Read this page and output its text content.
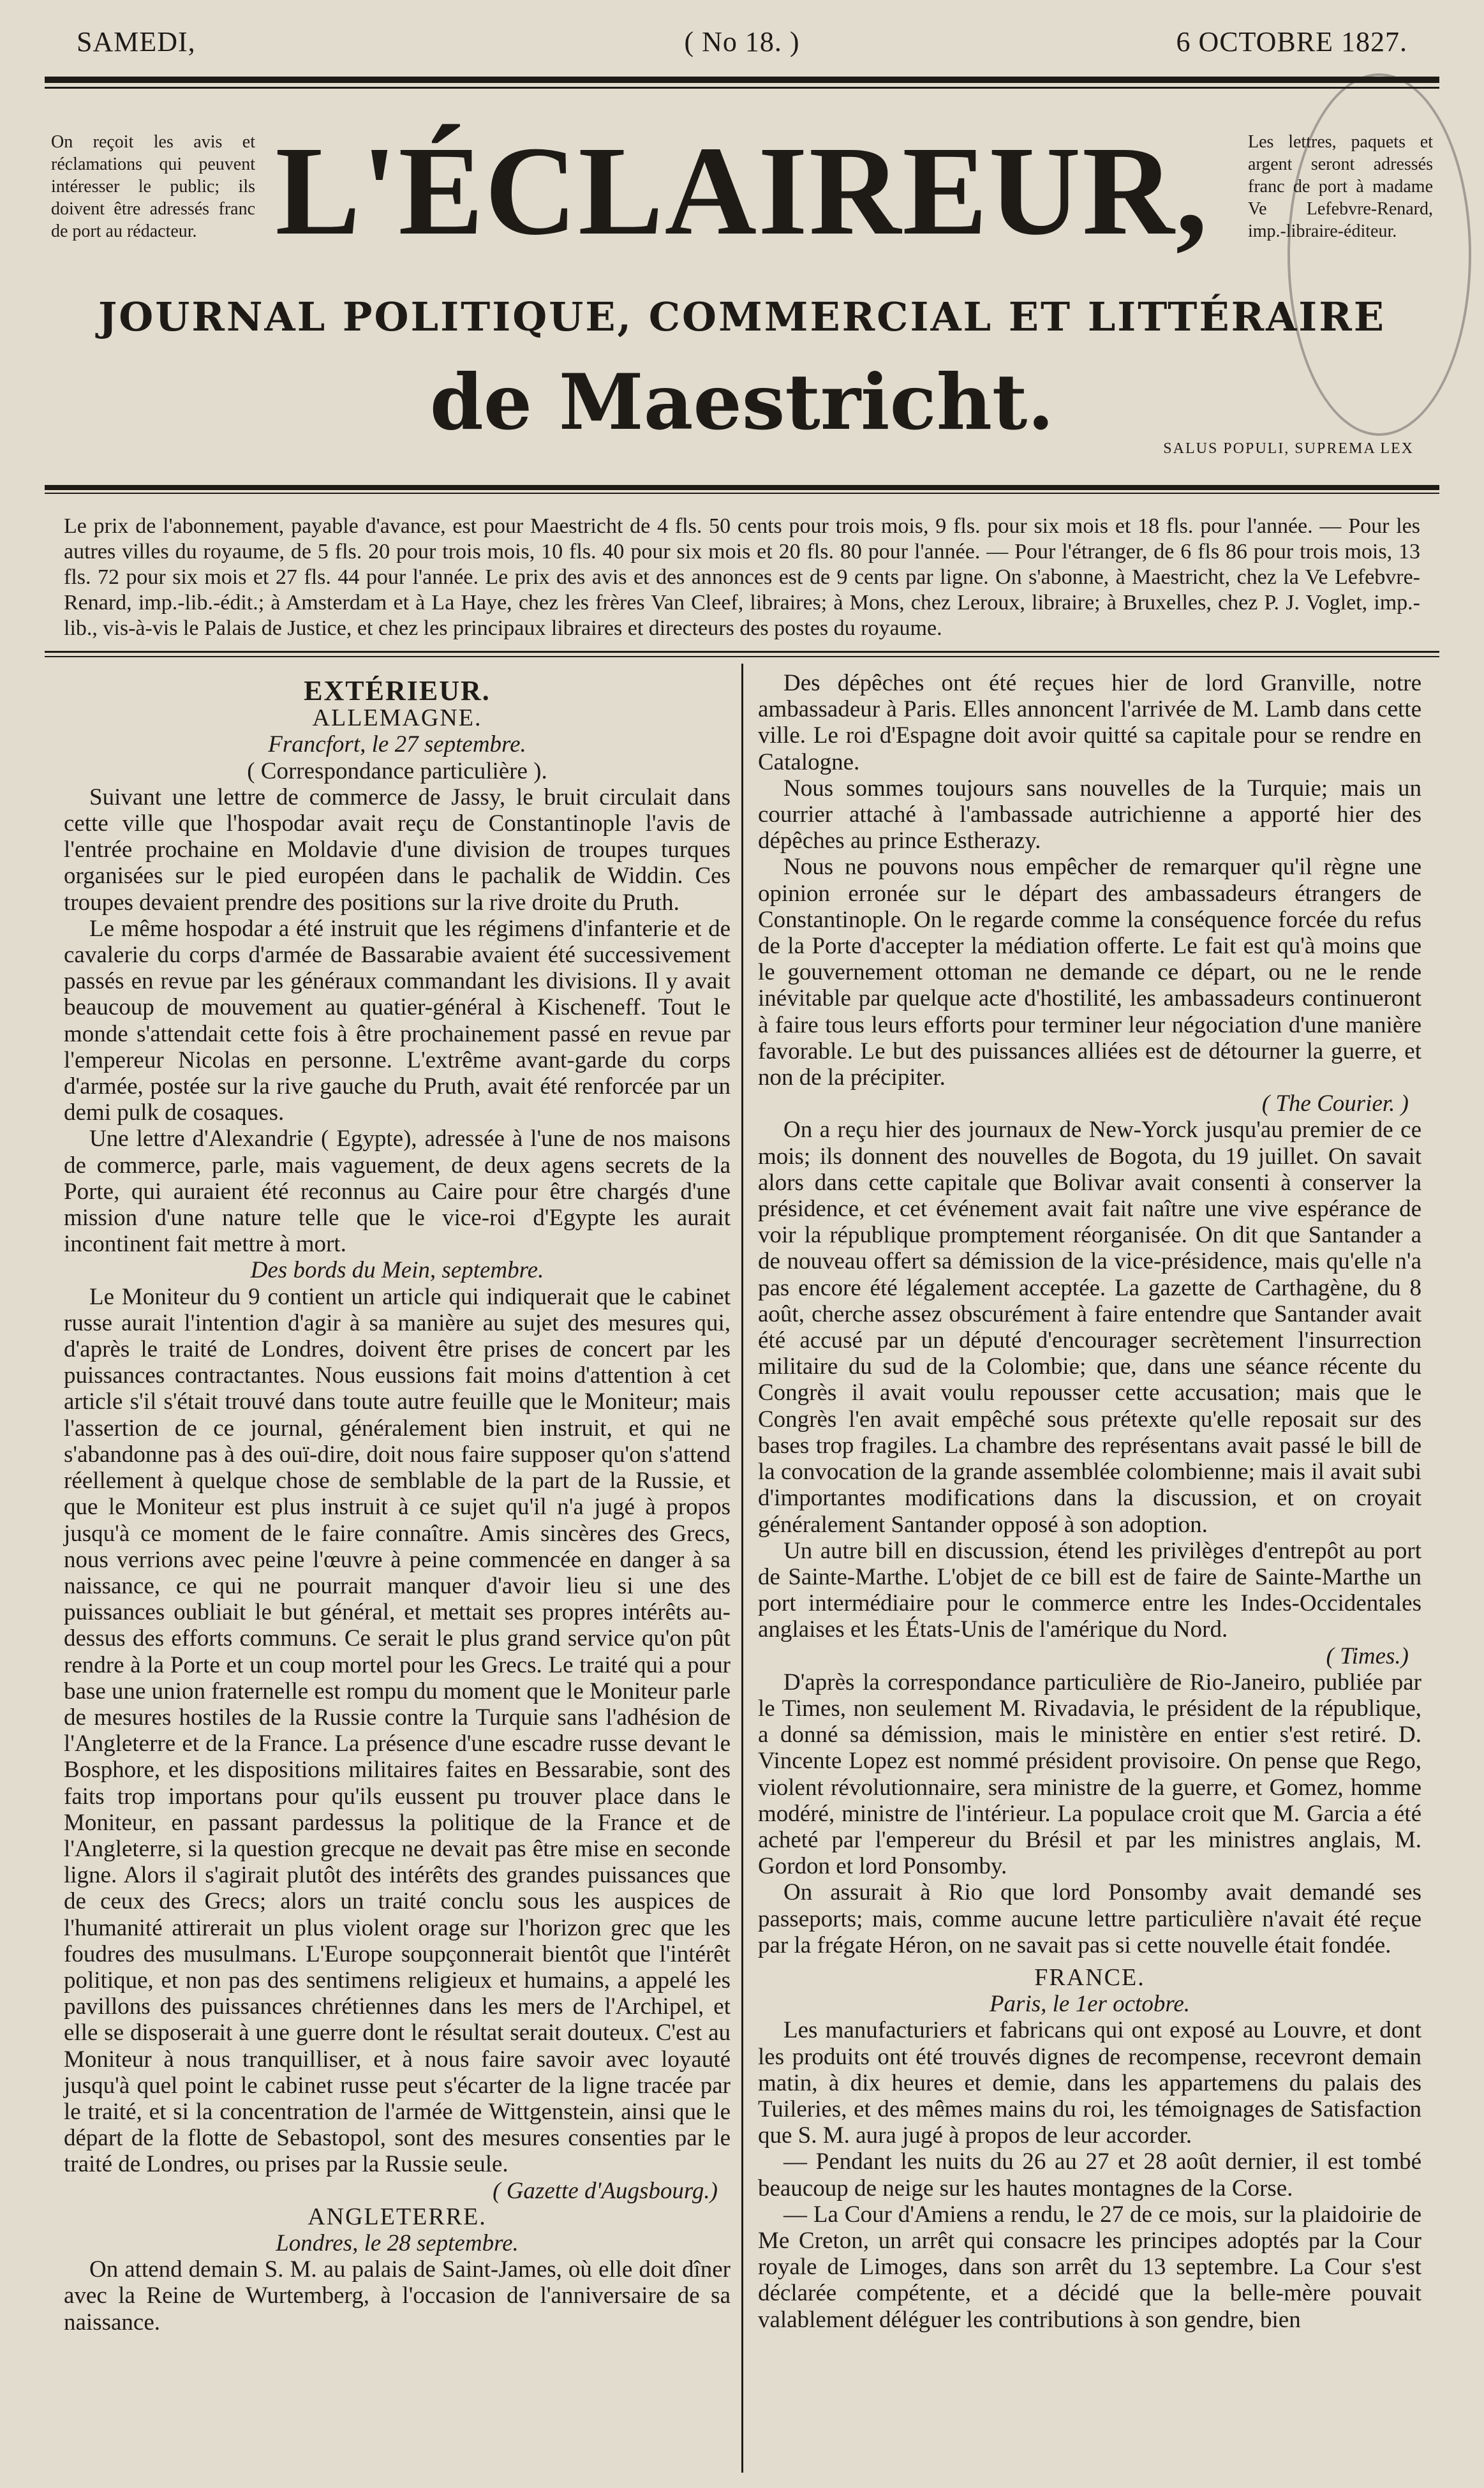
SAMEDI,	( No 18. )	6 OCTOBRE 1827.
On reçoit les avis et réclamations qui peuvent intéresser le public; ils doivent être adressés franc de port au rédacteur. L'ÉCLAIREUR,	Les lettres, paquets et argent seront adressés franc de port à madame Ve Lefebvre-Renard, imp.-libraire-éditeur.
JOURNAL POLITIQUE, COMMERCIAL ET LITTÉRAIRE
de Maestricht.
SALUS POPULI, SUPREMA LEX
Le prix de l'abonnement, payable d'avance, est pour Maestricht de 4 fls. 50 cents pour trois mois, 9 fls. pour six mois et 18 fls. pour l'année. — Pour les autres villes du royaume, de 5 fls. 20 pour trois mois, 10 fls. 40 pour six mois et 20 fls. 80 pour l'année. — Pour l'étranger, de 6 fls 86 pour trois mois, 13 fls. 72 pour six mois et 27 fls. 44 pour l'année. Le prix des avis et des annonces est de 9 cents par ligne. On s'abonne, à Maestricht, chez la Ve Lefebvre-Renard, imp.-lib.-édit.; à Amsterdam et à La Haye, chez les frères Van Cleef, libraires; à Mons, chez Leroux, libraire; à Bruxelles, chez P. J. Voglet, imp.-lib., vis-à-vis le Palais de Justice, et chez les principaux libraires et directeurs des postes du royaume.
EXTÉRIEUR.
ALLEMAGNE.
Francfort, le 27 septembre.
( Correspondance particulière ).

Suivant une lettre de commerce de Jassy, le bruit circulait dans cette ville que l'hospodar avait reçu de Constantinople l'avis de l'entrée prochaine en Moldavie d'une division de troupes turques organisées sur le pied européen dans le pachalik de Widdin. Ces troupes devaient prendre des positions sur la rive droite du Pruth.

Le même hospodar a été instruit que les régimens d'infanterie et de cavalerie du corps d'armée de Bassarabie avaient été successivement passés en revue par les généraux commandant les divisions. Il y avait beaucoup de mouvement au quatier-général à Kischeneff. Tout le monde s'attendait cette fois à être prochainement passé en revue par l'empereur Nicolas en personne. L'extrême avant-garde du corps d'armée, postée sur la rive gauche du Pruth, avait été renforcée par un demi pulk de cosaques.

Une lettre d'Alexandrie ( Egypte), adressée à l'une de nos maisons de commerce, parle, mais vaguement, de deux agens secrets de la Porte, qui auraient été reconnus au Caire pour être chargés d'une mission d'une nature telle que le vice-roi d'Egypte les aurait incontinent fait mettre à mort.

Des bords du Mein, septembre.

Le Moniteur du 9 contient un article qui indiquerait que le cabinet russe aurait l'intention d'agir à sa manière au sujet des mesures qui, d'après le traité de Londres, doivent être prises de concert par les puissances contractantes. Nous eussions fait moins d'attention à cet article s'il s'était trouvé dans toute autre feuille que le Moniteur; mais l'assertion de ce journal, généralement bien instruit, et qui ne s'abandonne pas à des ouï-dire, doit nous faire supposer qu'on s'attend réellement à quelque chose de semblable de la part de la Russie, et que le Moniteur est plus instruit à ce sujet qu'il n'a jugé à propos jusqu'à ce moment de le faire connaître. Amis sincères des Grecs, nous verrions avec peine l'œuvre à peine commencée en danger à sa naissance, ce qui ne pourrait manquer d'avoir lieu si une des puissances oubliait le but général, et mettait ses propres intérêts au-dessus des efforts communs. Ce serait le plus grand service qu'on pût rendre à la Porte et un coup mortel pour les Grecs. Le traité qui a pour base une union fraternelle est rompu du moment que le Moniteur parle de mesures hostiles de la Russie contre la Turquie sans l'adhésion de l'Angleterre et de la France. La présence d'une escadre russe devant le Bosphore, et les dispositions militaires faites en Bessarabie, sont des faits trop importans pour qu'ils eussent pu trouver place dans le Moniteur, en passant pardessus la politique de la France et de l'Angleterre, si la question grecque ne devait pas être mise en seconde ligne. Alors il s'agirait plutôt des intérêts des grandes puissances que de ceux des Grecs; alors un traité conclu sous les auspices de l'humanité attirerait un plus violent orage sur l'horizon grec que les foudres des musulmans. L'Europe soupçonnerait bientôt que l'intérêt politique, et non pas des sentimens religieux et humains, a appelé les pavillons des puissances chrétiennes dans les mers de l'Archipel, et elle se disposerait à une guerre dont le résultat serait douteux. C'est au Moniteur à nous tranquilliser, et à nous faire savoir avec loyauté jusqu'à quel point le cabinet russe peut s'écarter de la ligne tracée par le traité, et si la concentration de l'armée de Wittgenstein, ainsi que le départ de la flotte de Sebastopol, sont des mesures consenties par le traité de Londres, ou prises par la Russie seule.

( Gazette d'Augsbourg.)
ANGLETERRE.
Londres, le 28 septembre.

On attend demain S. M. au palais de Saint-James, où elle doit dîner avec la Reine de Wurtemberg, à l'occasion de l'anniversaire de sa naissance.

Des dépêches ont été reçues hier de lord Granville, notre ambassadeur à Paris. Elles annoncent l'arrivée de M. Lamb dans cette ville. Le roi d'Espagne doit avoir quitté sa capitale pour se rendre en Catalogne.

Nous sommes toujours sans nouvelles de la Turquie; mais un courrier attaché à l'ambassade autrichienne a apporté hier des dépêches au prince Estherazy.

Nous ne pouvons nous empêcher de remarquer qu'il règne une opinion erronée sur le départ des ambassadeurs étrangers de Constantinople. On le regarde comme la conséquence forcée du refus de la Porte d'accepter la médiation offerte. Le fait est qu'à moins que le gouvernement ottoman ne demande ce départ, ou ne le rende inévitable par quelque acte d'hostilité, les ambassadeurs continueront à faire tous leurs efforts pour terminer leur négociation d'une manière favorable. Le but des puissances alliées est de détourner la guerre, et non de la précipiter.

( The Courier. )

On a reçu hier des journaux de New-Yorck jusqu'au premier de ce mois; ils donnent des nouvelles de Bogota, du 19 juillet. On savait alors dans cette capitale que Bolivar avait consenti à conserver la présidence, et cet événement avait fait naître une vive espérance de voir la république promptement réorganisée. On dit que Santander a de nouveau offert sa démission de la vice-présidence, mais qu'elle n'a pas encore été légalement acceptée. La gazette de Carthagène, du 8 août, cherche assez obscurément à faire entendre que Santander avait été accusé par un député d'encourager secrètement l'insurrection militaire du sud de la Colombie; que, dans une séance récente du Congrès il avait voulu repousser cette accusation; mais que le Congrès l'en avait empêché sous prétexte qu'elle reposait sur des bases trop fragiles. La chambre des représentans avait passé le bill de la convocation de la grande assemblée colombienne; mais il avait subi d'importantes modifications dans la discussion, et on croyait généralement Santander opposé à son adoption.

Un autre bill en discussion, étend les privilèges d'entrepôt au port de Sainte-Marthe. L'objet de ce bill est de faire de Sainte-Marthe un port intermédiaire pour le commerce entre les Indes-Occidentales anglaises et les États-Unis de l'amérique du Nord.

( Times.)

D'après la correspondance particulière de Rio-Janeiro, publiée par le Times, non seulement M. Rivadavia, le président de la république, a donné sa démission, mais le ministère en entier s'est retiré. D. Vincente Lopez est nommé président provisoire. On pense que Rego, violent révolutionnaire, sera ministre de la guerre, et Gomez, homme modéré, ministre de l'intérieur. La populace croit que M. Garcia a été acheté par l'empereur du Brésil et par les ministres anglais, M. Gordon et lord Ponsomby.

On assurait à Rio que lord Ponsomby avait demandé ses passeports; mais, comme aucune lettre particulière n'avait été reçue par la frégate Héron, on ne savait pas si cette nouvelle était fondée.

FRANCE.
Paris, le 1er octobre.

Les manufacturiers et fabricans qui ont exposé au Louvre, et dont les produits ont été trouvés dignes de recompense, recevront demain matin, à dix heures et demie, dans les appartemens du palais des Tuileries, et des mêmes mains du roi, les témoignages de Satisfaction que S. M. aura jugé à propos de leur accorder.

— Pendant les nuits du 26 au 27 et 28 août dernier, il est tombé beaucoup de neige sur les hautes montagnes de la Corse.

— La Cour d'Amiens a rendu, le 27 de ce mois, sur la plaidoirie de Me Creton, un arrêt qui consacre les principes adoptés par la Cour royale de Limoges, dans son arrêt du 13 septembre. La Cour s'est déclarée compétente, et a décidé que la belle-mère pouvait valablement déléguer les contributions à son gendre, bien
